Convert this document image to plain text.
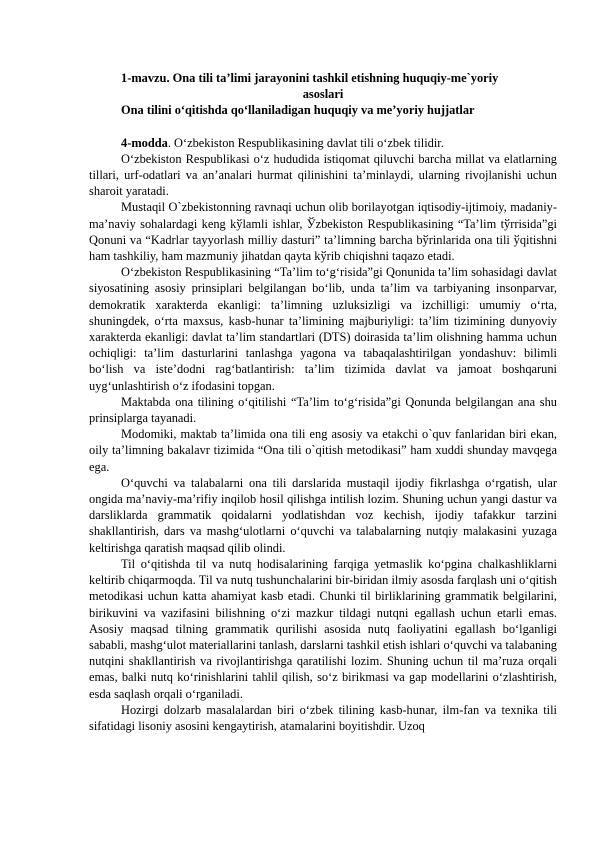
1-mavzu. Ona tili ta’limi jarayonini tashkil etishning huquqiy-me`yoriy
asoslari
Ona tilini o‘qitishda qo‘llaniladigan huquqiy va me’yoriy hujjatlar

4-modda. O‘zbekiston Respublikasining davlat tili o‘zbek tilidir.

O‘zbekiston Respublikasi o‘z hududida istiqomat qiluvchi barcha millat va elatlarning tillari, urf-odatlari va an’analari hurmat qilinishini ta’minlaydi, ularning rivojlanishi uchun sharoit yaratadi.

Mustaqil O`zbekistonning ravnaqi uchun olib borilayotgan iqtisodiy-ijtimoiy, madaniy-ma’naviy sohalardagi keng kўlamli ishlar, Ўzbekiston Respublikasining “Ta’lim tўrrisida”gi Qonuni va “Kadrlar tayyorlash milliy dasturi” ta’limning barcha bўrinlarida ona tili ўqitishni ham tashkiliy, ham mazmuniy jihatdan qayta kўrib chiqishni taqazo etadi.

O‘zbekiston Respublikasining “Ta’lim to‘g‘risida”gi Qonunida ta’lim sohasidagi davlat siyosatining asosiy prinsiplari belgilangan bo‘lib, unda ta’lim va tarbiyaning insonparvar, demokratik xarakterda ekanligi: ta’limning uzluksizligi va izchilligi: umumiy o‘rta, shuningdek, o‘rta maxsus, kasb-hunar ta’limining majburiyligi: ta’lim tizimining dunyoviy xarakterda ekanligi: davlat ta’lim standartlari (DTS) doirasida ta’lim olishning hamma uchun ochiqligi: ta’lim dasturlarini tanlashga yagona va tabaqalashtirilgan yondashuv: bilimli bo‘lish va iste’dodni rag‘batlantirish: ta’lim tizimida davlat va jamoat boshqaruni uyg‘unlashtirish o‘z ifodasini topgan.

Maktabda ona tilining o‘qitilishi “Ta’lim to‘g‘risida”gi Qonunda belgilangan ana shu prinsiplarga tayanadi.

Modomiki, maktab ta’limida ona tili eng asosiy va etakchi o`quv fanlaridan biri ekan, oily ta’limning bakalavr tizimida “Ona tili o`qitish metodikasi” ham xuddi shunday mavqega ega.

O‘quvchi va talabalarni ona tili darslarida mustaqil ijodiy fikrlashga o‘rgatish, ular ongida ma’naviy-ma’rifiy inqilob hosil qilishga intilish lozim. Shuning uchun yangi dastur va darsliklarda grammatik qoidalarni yodlatishdan voz kechish, ijodiy tafakkur tarzini shakllantirish, dars va mashg‘ulotlarni o‘quvchi va talabalarning nutqiy malakasini yuzaga keltirishga qaratish maqsad qilib olindi.

Til o‘qitishda til va nutq hodisalarining farqiga yetmaslik ko‘pgina chalkashliklarni keltirib chiqarmoqda. Til va nutq tushunchalarini bir-biridan ilmiy asosda farqlash uni o‘qitish metodikasi uchun katta ahamiyat kasb etadi. Chunki til birliklarining grammatik belgilarini, birikuvini va vazifasini bilishning o‘zi mazkur tildagi nutqni egallash uchun etarli emas. Asosiy maqsad tilning grammatik qurilishi asosida nutq faoliyatini egallash bo‘lganligi sababli, mashg‘ulot materiallarini tanlash, darslarni tashkil etish ishlari o‘quvchi va talabaning nutqini shakllantirish va rivojlantirishga qaratilishi lozim. Shuning uchun til ma’ruza orqali emas, balki nutq ko‘rinishlarini tahlil qilish, so‘z birikmasi va gap modellarini o‘zlashtirish, esda saqlash orqali o‘rganiladi.

Hozirgi dolzarb masalalardan biri o‘zbek tilining kasb-hunar, ilm-fan va texnika tili sifatidagi lisoniy asosini kengaytirish, atamalarini boyitishdir. Uzoq
